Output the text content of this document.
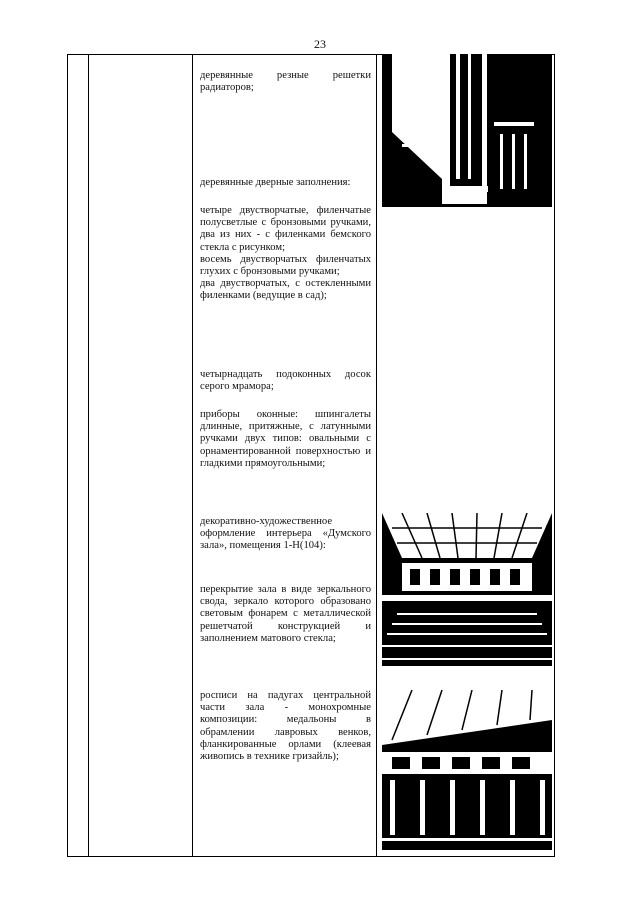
23
деревянные резные решетки радиаторов;
деревянные дверные заполнения:

четыре двустворчатые, филенчатые полусветлые с бронзовыми ручками, два из них - с филенками бемского стекла с рисунком;

восемь двустворчатых филенчатых глухих с бронзовыми ручками;

два двустворчатых, с остекленными филенками (ведущие в сад);

четырнадцать подоконных досок серого мрамора;
приборы оконные: шпингалеты длинные, притяжные, с латунными ручками двух типов: овальными с орнаментированной поверхностью и гладкими прямоугольными;
декоративно-художественное оформление интерьера «Думского зала», помещения 1-Н(104):
перекрытие зала в виде зеркального свода, зеркало которого образовано световым фонарем с металлической решетчатой конструкцией и заполнением матового стекла;
росписи на падугах центральной части зала - монохромные композиции: медальоны в обрамлении лавровых венков, фланкированные орлами (клеевая живопись в технике гризайль);
